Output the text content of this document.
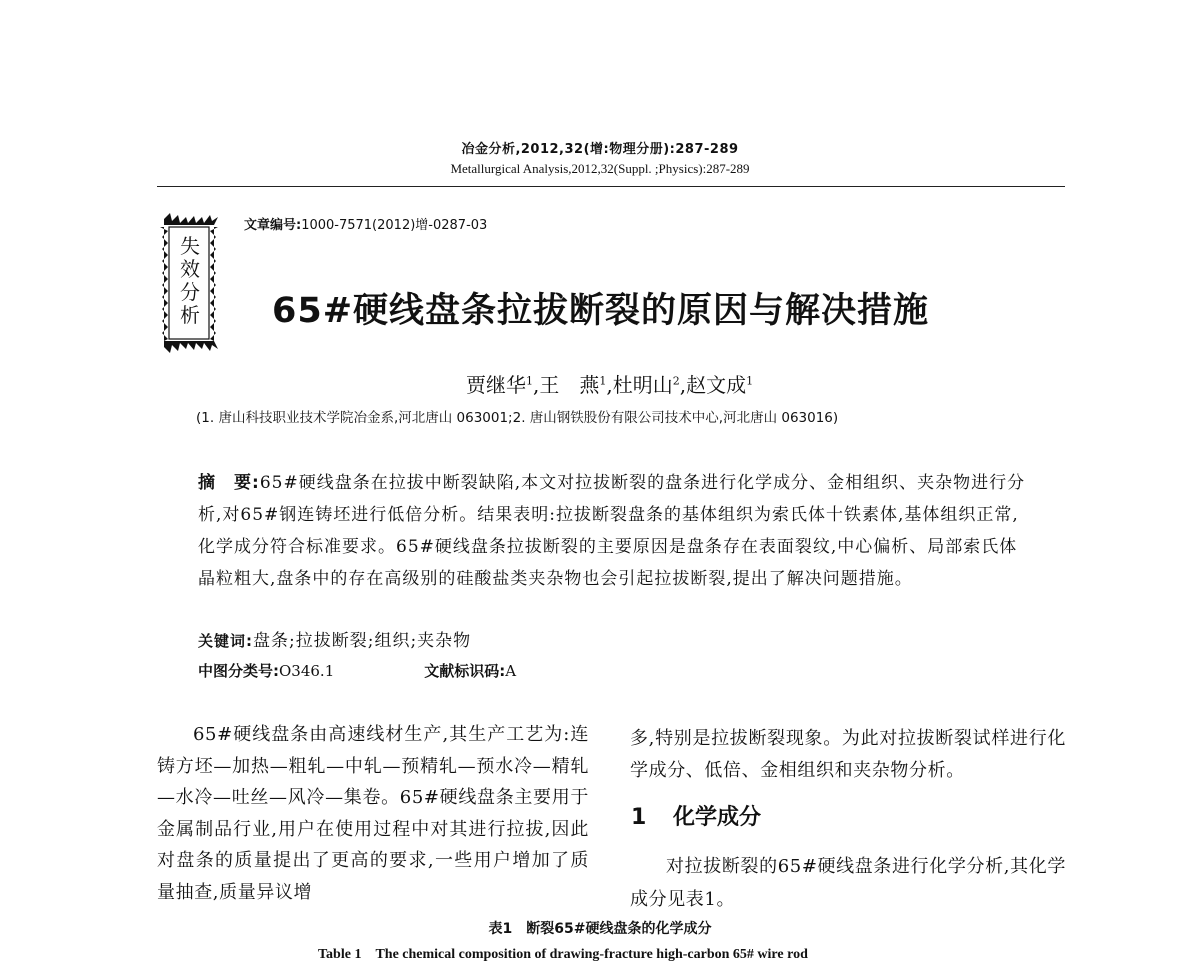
冶金分析,2012,32(增:物理分册):287-289
Metallurgical Analysis,2012,32(Suppl. ;Physics):287-289
失
效
分
析
文章编号:1000-7571(2012)增-0287-03
65#硬线盘条拉拔断裂的原因与解决措施
贾继华$^1$,王　燕$^1$,杜明山$^2$,赵文成$^1$
(1. 唐山科技职业技术学院冶金系,河北唐山 063001;2. 唐山钢铁股份有限公司技术中心,河北唐山 063016)
摘　要:65#硬线盘条在拉拔中断裂缺陷,本文对拉拔断裂的盘条进行化学成分、金相组织、夹杂物进行分析,对65#钢连铸坯进行低倍分析。结果表明:拉拔断裂盘条的基体组织为索氏体十铁素体,基体组织正常,化学成分符合标准要求。65#硬线盘条拉拔断裂的主要原因是盘条存在表面裂纹,中心偏析、局部索氏体晶粒粗大,盘条中的存在高级别的硅酸盐类夹杂物也会引起拉拔断裂,提出了解决问题措施。
关键词:盘条;拉拔断裂;组织;夹杂物
中图分类号:O346.1	文献标识码:A

65#硬线盘条由高速线材生产,其生产工艺为:连铸方坯—加热—粗轧—中轧—预精轧—预水冷—精轧—水冷—吐丝—风冷—集卷。65#硬线盘条主要用于金属制品行业,用户在使用过程中对其进行拉拔,因此对盘条的质量提出了更高的要求,一些用户增加了质量抽查,质量异议增

多,特别是拉拔断裂现象。为此对拉拔断裂试样进行化学成分、低倍、金相组织和夹杂物分析。

1 化学成分

对拉拔断裂的65#硬线盘条进行化学分析,其化学成分见表1。

表1　断裂65#硬线盘条的化学成分
Table 1　The chemical composition of drawing-fracture high-carbon 65# wire rod
